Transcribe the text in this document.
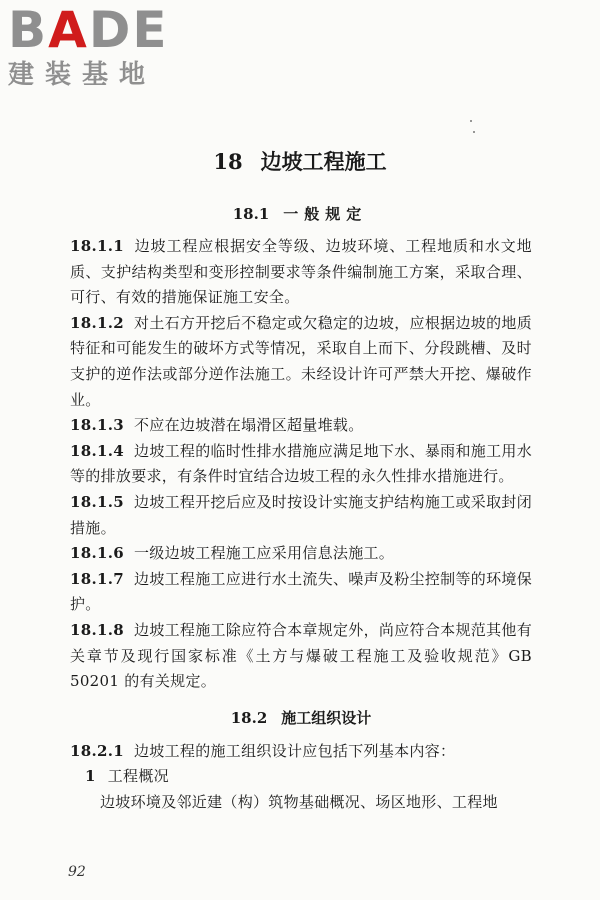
BADE
建装基地
18 边坡工程施工
18.1 一般规定

18.1.1 边坡工程应根据安全等级、边坡环境、工程地质和水文地质、支护结构类型和变形控制要求等条件编制施工方案，采取合理、可行、有效的措施保证施工安全。

18.1.2 对土石方开挖后不稳定或欠稳定的边坡，应根据边坡的地质特征和可能发生的破坏方式等情况，采取自上而下、分段跳槽、及时支护的逆作法或部分逆作法施工。未经设计许可严禁大开挖、爆破作业。

18.1.3 不应在边坡潜在塌滑区超量堆载。

18.1.4 边坡工程的临时性排水措施应满足地下水、暴雨和施工用水等的排放要求，有条件时宜结合边坡工程的永久性排水措施进行。

18.1.5 边坡工程开挖后应及时按设计实施支护结构施工或采取封闭措施。

18.1.6 一级边坡工程施工应采用信息法施工。

18.1.7 边坡工程施工应进行水土流失、噪声及粉尘控制等的环境保护。

18.1.8 边坡工程施工除应符合本章规定外，尚应符合本规范其他有关章节及现行国家标准《土方与爆破工程施工及验收规范》GB 50201 的有关规定。

18.2 施工组织设计

18.2.1 边坡工程的施工组织设计应包括下列基本内容：

1 工程概况

边坡环境及邻近建（构）筑物基础概况、场区地形、工程地

92
